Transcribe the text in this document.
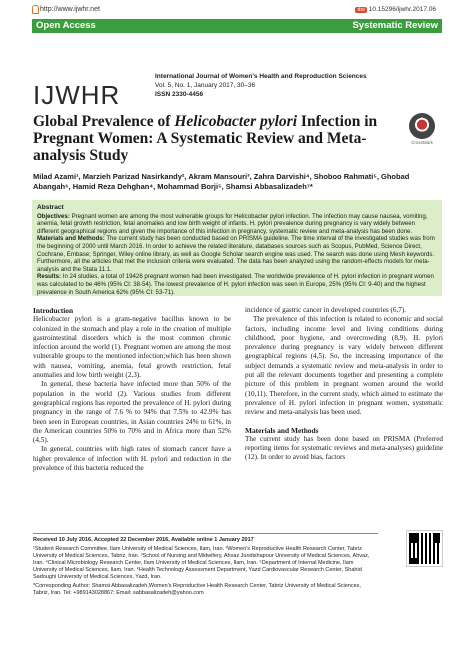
http://www.ijwhr.net	doi 10.15296/ijwhr.2017.06
Open Access	Systematic Review
IJWHR
International Journal of Women's Health and Reproduction Sciences
Vol. 5, No. 1, January 2017, 30–36
ISSN 2330-4456
Global Prevalence of Helicobacter pylori Infection in Pregnant Women: A Systematic Review and Meta-analysis Study
CrossMark
Milad Azami¹, Marzieh Parizad Nasirkandy², Akram Mansouri³, Zahra Darvishi⁴, Shoboo Rahmati⁵, Ghobad Abangah⁶, Hamid Reza Dehghan⁴, Mohammad Borji⁵, Shamsi Abbasalizadeh⁷*
Abstract

Objectives: Pregnant women are among the most vulnerable groups for Helicobacter pylori infection. The infection may cause nausea, vomiting, anemia, fetal growth restriction, fetal anomalies and low birth weight of infants. H. pylori prevalence during pregnancy is vary widely between different geographical regions and given the importance of this infection in pregnancy, systematic review and meta-analysis has been done.

Materials and Methods: The current study has been conducted based on PRISMA guideline. The time interval of the investigated studies was from the beginning of 2000 until March 2016. In order to achieve the related literature, databases sources such as Scopus, PubMed, Science Direct, Cochrane, Embase; Springer, Wiley online library, as well as Google Scholar search engine was used. The search was done using Mesh keywords. Furthermore, all the articles that met the inclusion criteria were evaluated. The data has been analyzed using the random-effects models for meta-analysis and the Stata 11.1.

Results: In 24 studies, a total of 19426 pregnant women had been investigated. The worldwide prevalence of H. pylori infection in pregnant women was calculated to be 46% (95% CI: 38-54). The lowest prevalence of H. pylori infection was seen in Europe, 25% (95% CI: 9-40) and the highest prevalence in South America 62% (95% CI: 53-71).

Introduction

Helicobacter pylori is a gram-negative bacillus known to be colonized in the stomach and play a role in the creation of multiple gastrointestinal disorders which is the most common chronic infection around the world (1). Pregnant women are among the most vulnerable groups to the mentioned infection;which has been shown with nausea, vomiting, anemia, fetal growth restriction, fetal anomalies and low birth weight (2,3).

In general, these bacteria have infected more than 50% of the population in the world (2). Various studies from different geographical regions has reported the prevalence of H. pylori during pregnancy in the range of 7.6 % to 94% that 7.5% to 42.9% has been seen in European countries, in Asian countries 24% to 61%, in the American countries 50% to 70% and in Africa more than 52% (4,5).

In general, countries with high rates of stomach cancer have a higher prevalence of infection with H. pylori and reduction in the prevalence of this bacteria reduced the

incidence of gastric cancer in developed countries (6,7).

The prevalence of this infection is related to economic and social factors, including income level and living conditions during childhood, poor hygiene, and overcrowding (8,9). H. pylori prevalence during pregnancy is vary widely between different geographical regions (4,5). So, the increasing importance of the subject demands a systematic review and meta-analysis in order to put all the relevant documents together and presenting a complete picture of this problem in pregnant women around the world (10,11). Therefore, in the current study, which aimed to estimate the prevalence of H. pylori infection in pregnant women, systematic review and meta-analysis has been used.

Materials and Methods

The current study has been done based on PRISMA (Preferred reporting items for systematic reviews and meta-analyses) guideline (12). In order to avoid bias, factors

Received 10 July 2016, Accepted 22 December 2016, Available online 1 January 2017

¹Student Research Committee, Ilam University of Medical Sciences, Ilam, Iran. ²Women's Reproductive Health Research Center, Tabriz University of Medical Sciences, Tabriz, Iran. ³School of Nursing and Midwifery, Ahvaz Jundishapour University of Medical Sciences, Ahvaz, Iran. ⁴Clinical Microbiology Research Center, Ilam University of Medical Sciences, Ilam, Iran. ⁵Department of Internal Medicine, Ilam University of Medical Sciences, Ilam, Iran. ⁶Health Technology Assessment Department, Yazd Cardiovascular Research Center, Shahid Sadoughi University of Medical Sciences, Yazd, Iran.

*Corresponding Author: Shamsi Abbasalizadeh,Women's Reproductive Health Research Center, Tabriz University of Medical Sciences, Tabriz, Iran. Tel: +989143028867; Email: sabbasalizadeh@yahoo.com
